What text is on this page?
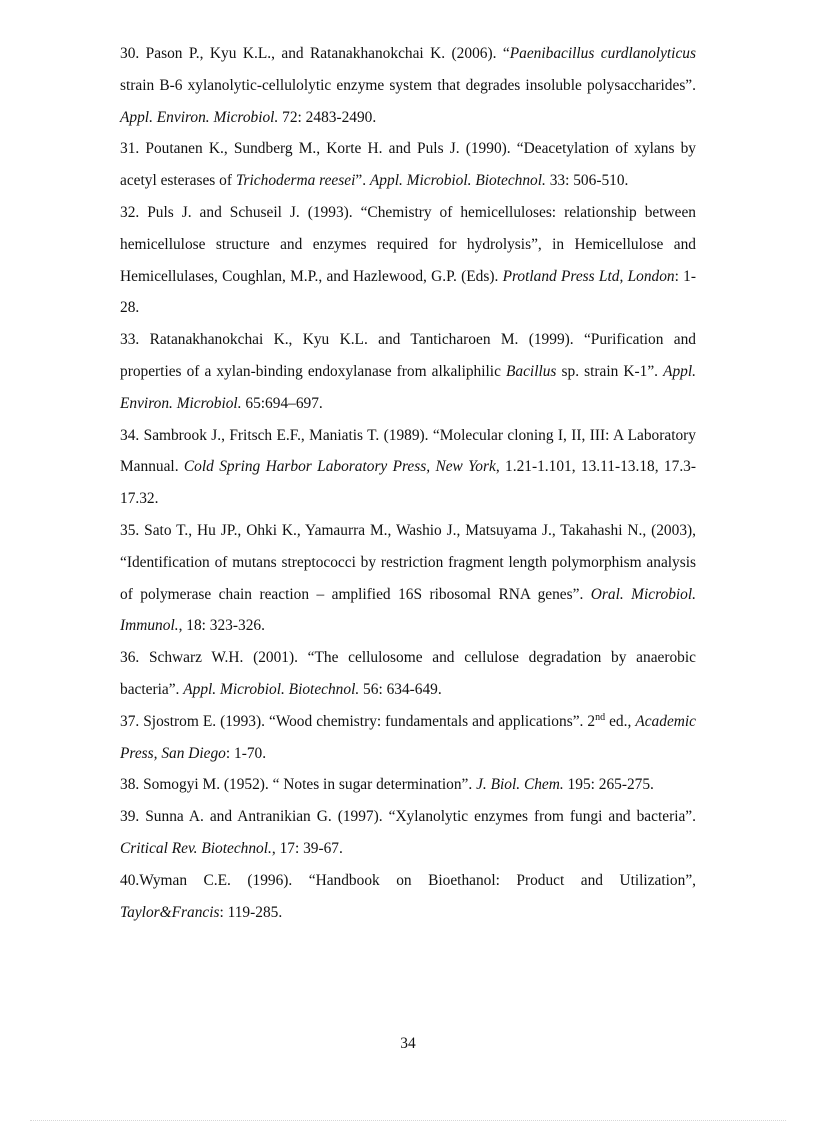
30. Pason P., Kyu K.L., and Ratanakhanokchai K. (2006). “Paenibacillus curdlanolyticus strain B-6 xylanolytic-cellulolytic enzyme system that degrades insoluble polysaccharides”. Appl. Environ. Microbiol. 72: 2483-2490.

31. Poutanen K., Sundberg M., Korte H. and Puls J. (1990). “Deacetylation of xylans by acetyl esterases of Trichoderma reesei”. Appl. Microbiol. Biotechnol. 33: 506-510.

32. Puls J. and Schuseil J. (1993). “Chemistry of hemicelluloses: relationship between hemicellulose structure and enzymes required for hydrolysis”, in Hemicellulose and Hemicellulases, Coughlan, M.P., and Hazlewood, G.P. (Eds). Protland Press Ltd, London: 1-28.

33. Ratanakhanokchai K., Kyu K.L. and Tanticharoen M. (1999). “Purification and properties of a xylan-binding endoxylanase from alkaliphilic Bacillus sp. strain K-1”. Appl. Environ. Microbiol. 65:694–697.

34. Sambrook J., Fritsch E.F., Maniatis T. (1989). “Molecular cloning I, II, III: A Laboratory Mannual. Cold Spring Harbor Laboratory Press, New York, 1.21-1.101, 13.11-13.18, 17.3-17.32.

35. Sato T., Hu JP., Ohki K., Yamaurra M., Washio J., Matsuyama J., Takahashi N., (2003), “Identification of mutans streptococci by restriction fragment length polymorphism analysis of polymerase chain reaction – amplified 16S ribosomal RNA genes”. Oral. Microbiol. Immunol., 18: 323-326.

36. Schwarz W.H. (2001). “The cellulosome and cellulose degradation by anaerobic bacteria”. Appl. Microbiol. Biotechnol. 56: 634-649.

37. Sjostrom E. (1993). “Wood chemistry: fundamentals and applications”. 2nd ed., Academic Press, San Diego: 1-70.

38. Somogyi M. (1952). “ Notes in sugar determination”. J. Biol. Chem. 195: 265-275.

39. Sunna A. and Antranikian G. (1997). “Xylanolytic enzymes from fungi and bacteria”. Critical Rev. Biotechnol., 17: 39-67.

40.Wyman C.E. (1996). “Handbook on Bioethanol: Product and Utilization”, Taylor&Francis: 119-285.

34
